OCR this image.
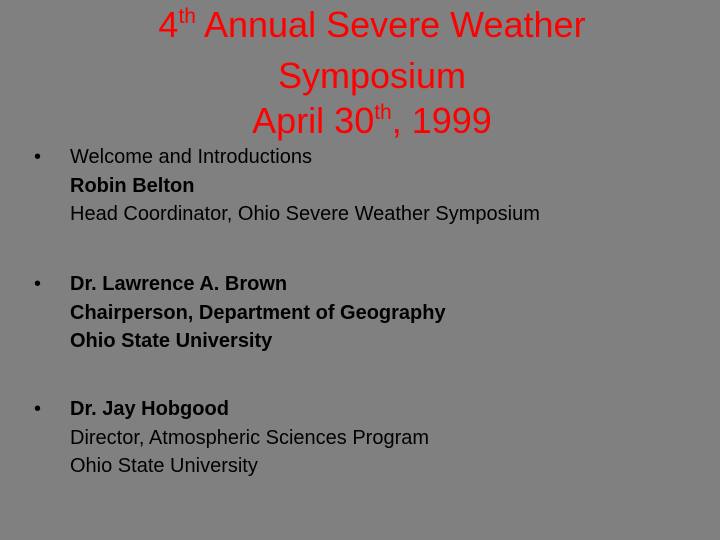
4th Annual Severe Weather
Symposium
April 30th, 1999
• Welcome and Introductions
Robin Belton
Head Coordinator, Ohio Severe Weather Symposium
• Dr. Lawrence A. Brown
Chairperson, Department of Geography
Ohio State University
• Dr. Jay Hobgood
Director, Atmospheric Sciences Program
Ohio State University
